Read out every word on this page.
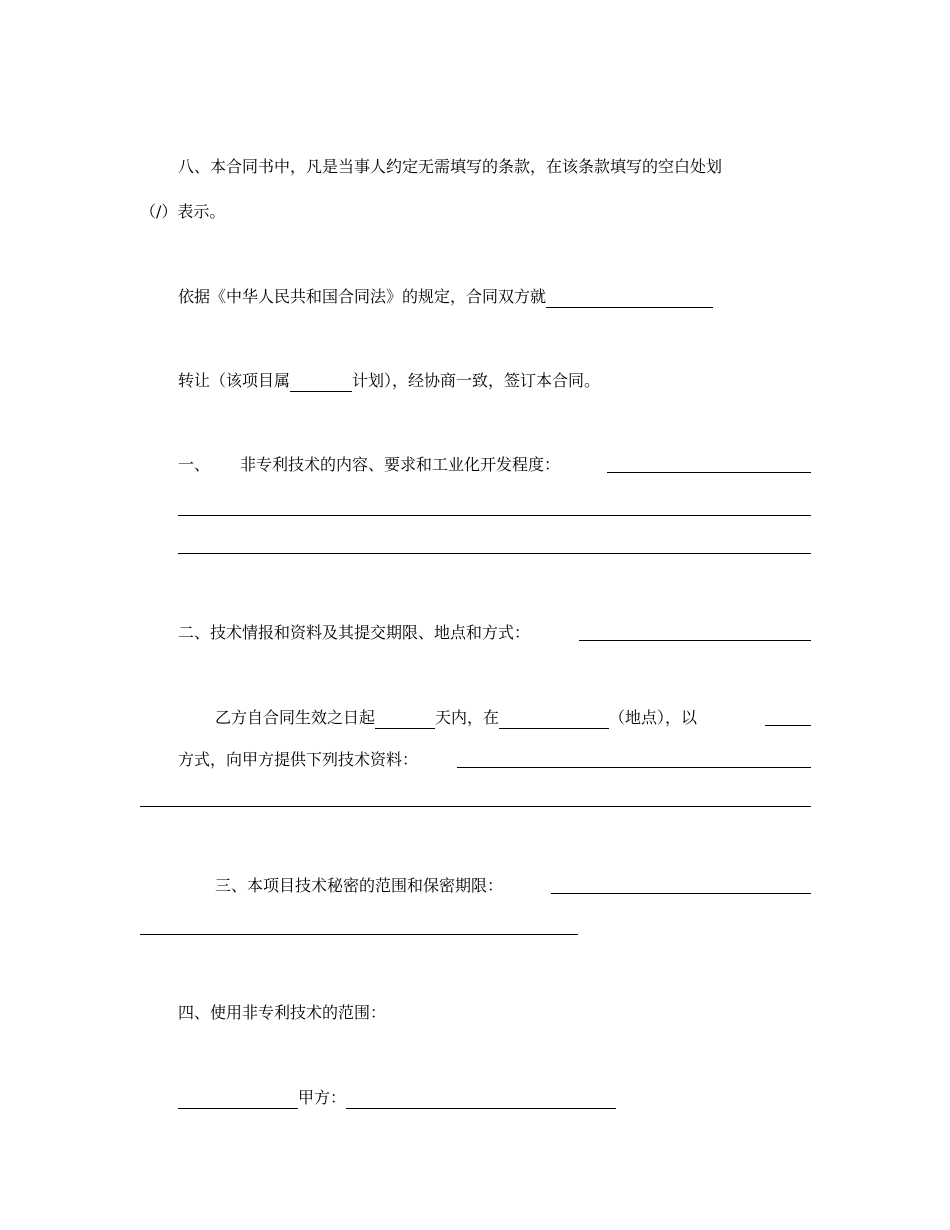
八、本合同书中，凡是当事人约定无需填写的条款，在该条款填写的空白处划
（/）表示。
依据《中华人民共和国合同法》的规定，合同双方就
转让（该项目属	计划），经协商一致，签订本合同。
一、 非专利技术的内容、要求和工业化开发程度：
二、技术情报和资料及其提交期限、地点和方式：
乙方自合同生效之日起	天内，在	（地点），以
方式，向甲方提供下列技术资料：
三、本项目技术秘密的范围和保密期限：
四、使用非专利技术的范围：
甲方：
